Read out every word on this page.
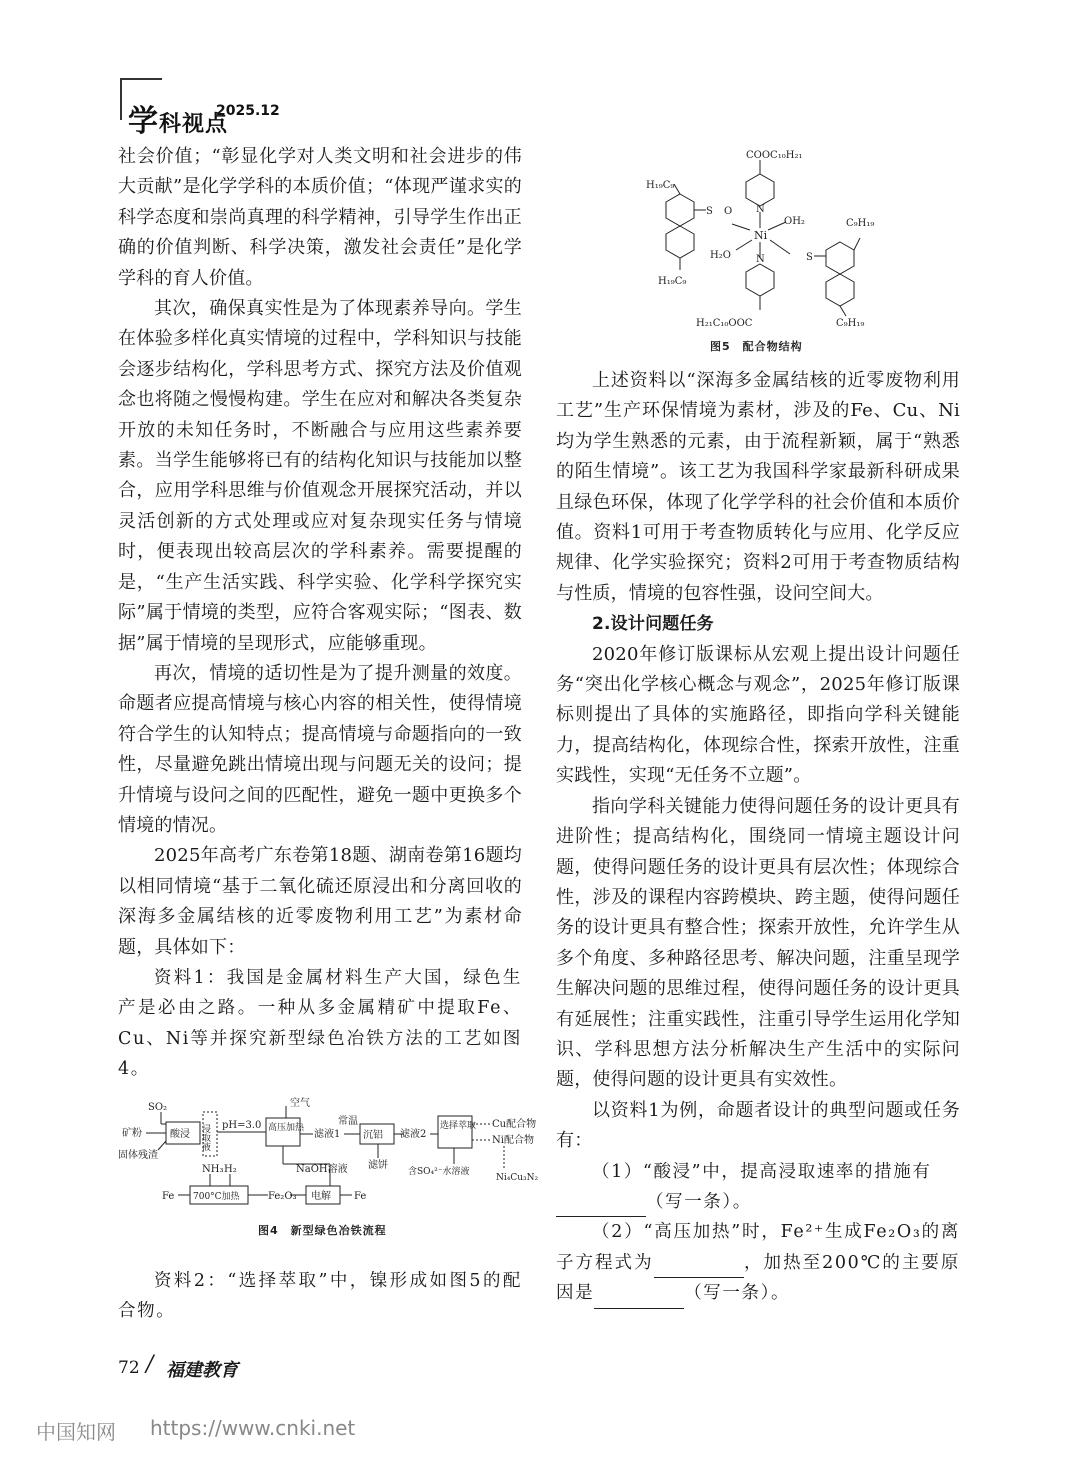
学科视点
2025.12

社会价值；“彰显化学对人类文明和社会进步的伟大贡献”是化学学科的本质价值；“体现严谨求实的科学态度和崇尚真理的科学精神，引导学生作出正确的价值判断、科学决策，激发社会责任”是化学学科的育人价值。

其次，确保真实性是为了体现素养导向。学生在体验多样化真实情境的过程中，学科知识与技能会逐步结构化，学科思考方式、探究方法及价值观念也将随之慢慢构建。学生在应对和解决各类复杂开放的未知任务时，不断融合与应用这些素养要素。当学生能够将已有的结构化知识与技能加以整合，应用学科思维与价值观念开展探究活动，并以灵活创新的方式处理或应对复杂现实任务与情境时，便表现出较高层次的学科素养。需要提醒的是，“生产生活实践、科学实验、化学科学探究实际”属于情境的类型，应符合客观实际；“图表、数据”属于情境的呈现形式，应能够重现。

再次，情境的适切性是为了提升测量的效度。命题者应提高情境与核心内容的相关性，使得情境符合学生的认知特点；提高情境与命题指向的一致性，尽量避免跳出情境出现与问题无关的设问；提升情境与设问之间的匹配性，避免一题中更换多个情境的情况。

2025年高考广东卷第18题、湖南卷第16题均以相同情境“基于二氧化硫还原浸出和分离回收的深海多金属结核的近零废物利用工艺”为素材命题，具体如下：

资料1：我国是金属材料生产大国，绿色生产是必由之路。一种从多金属精矿中提取Fe、Cu、Ni等并探究新型绿色冶铁方法的工艺如图4。

SO₂
矿粉
固体残渣
酸浸 浸取液 pH=3.0
空气
高压加热
滤液1
常温
沉铝
滤饼
滤液2
选择萃取 Cu配合物
Ni配合物
含SO₄²⁻水溶液
Ni₄Cu₃N₂
NH₃ H₂
700°C加热	Fe₂O₃
NaOH溶液
电解
Fe	Fe
图4　新型绿色冶铁流程

资料2：“选择萃取”中，镍形成如图5的配合物。

COOC₁₀H₂₁
H₂₁C₁₀OOC
Ni
OH₂
H₂O
H₁₉C₉
H₁₉C₉
C₉H₁₉
C₉H₁₉
N
N
S
S
O
图5　配合物结构

上述资料以“深海多金属结核的近零废物利用工艺”生产环保情境为素材，涉及的Fe、Cu、Ni均为学生熟悉的元素，由于流程新颖，属于“熟悉的陌生情境”。该工艺为我国科学家最新科研成果且绿色环保，体现了化学学科的社会价值和本质价值。资料1可用于考查物质转化与应用、化学反应规律、化学实验探究；资料2可用于考查物质结构与性质，情境的包容性强，设问空间大。

2.设计问题任务

2020年修订版课标从宏观上提出设计问题任务“突出化学核心概念与观念”，2025年修订版课标则提出了具体的实施路径，即指向学科关键能力，提高结构化，体现综合性，探索开放性，注重实践性，实现“无任务不立题”。

指向学科关键能力使得问题任务的设计更具有进阶性；提高结构化，围绕同一情境主题设计问题，使得问题任务的设计更具有层次性；体现综合性，涉及的课程内容跨模块、跨主题，使得问题任务的设计更具有整合性；探索开放性，允许学生从多个角度、多种路径思考、解决问题，注重呈现学生解决问题的思维过程，使得问题任务的设计更具有延展性；注重实践性，注重引导学生运用化学知识、学科思想方法分析解决生产生活中的实际问题，使得问题的设计更具有实效性。

以资料1为例，命题者设计的典型问题或任务有：

（1）“酸浸”中，提高浸取速率的措施有

（写一条）。

（2）“高压加热”时，Fe²⁺生成Fe₂O₃的离子方程式为	，加热至200℃的主要原因是	（写一条）。

72 / 福建教育
中国知网 https://www.cnki.net
